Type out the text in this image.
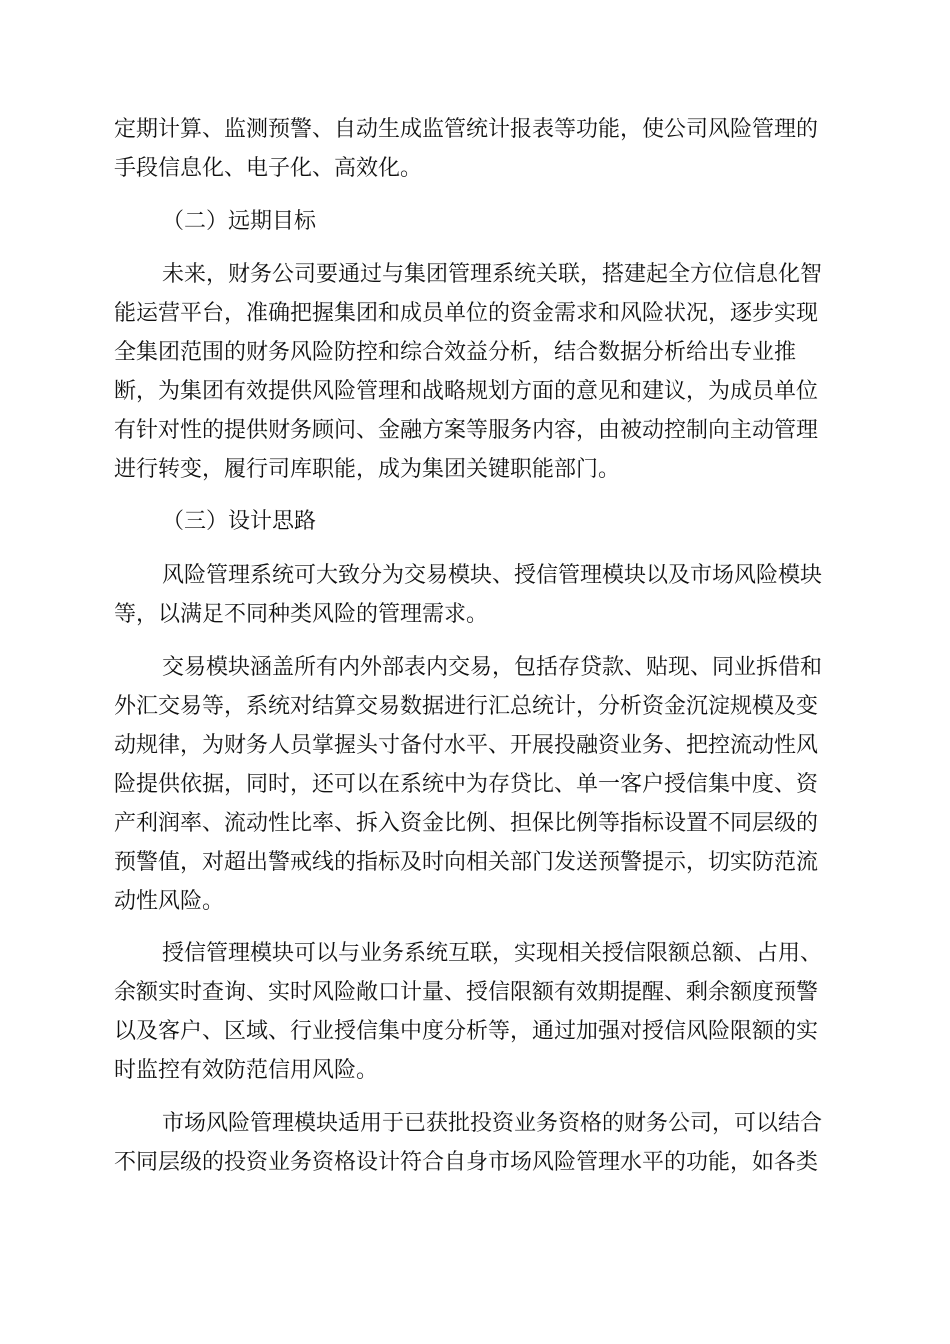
定期计算、监测预警、自动生成监管统计报表等功能，使公司风险管理的
手段信息化、电子化、高效化。
（二）远期目标
未来，财务公司要通过与集团管理系统关联，搭建起全方位信息化智
能运营平台，准确把握集团和成员单位的资金需求和风险状况，逐步实现
全集团范围的财务风险防控和综合效益分析，结合数据分析给出专业推
断，为集团有效提供风险管理和战略规划方面的意见和建议，为成员单位
有针对性的提供财务顾问、金融方案等服务内容，由被动控制向主动管理
进行转变，履行司库职能，成为集团关键职能部门。
（三）设计思路
风险管理系统可大致分为交易模块、授信管理模块以及市场风险模块
等，以满足不同种类风险的管理需求。
交易模块涵盖所有内外部表内交易，包括存贷款、贴现、同业拆借和
外汇交易等，系统对结算交易数据进行汇总统计，分析资金沉淀规模及变
动规律，为财务人员掌握头寸备付水平、开展投融资业务、把控流动性风
险提供依据，同时，还可以在系统中为存贷比、单一客户授信集中度、资
产利润率、流动性比率、拆入资金比例、担保比例等指标设置不同层级的
预警值，对超出警戒线的指标及时向相关部门发送预警提示，切实防范流
动性风险。
授信管理模块可以与业务系统互联，实现相关授信限额总额、占用、
余额实时查询、实时风险敞口计量、授信限额有效期提醒、剩余额度预警
以及客户、区域、行业授信集中度分析等，通过加强对授信风险限额的实
时监控有效防范信用风险。
市场风险管理模块适用于已获批投资业务资格的财务公司，可以结合
不同层级的投资业务资格设计符合自身市场风险管理水平的功能，如各类
